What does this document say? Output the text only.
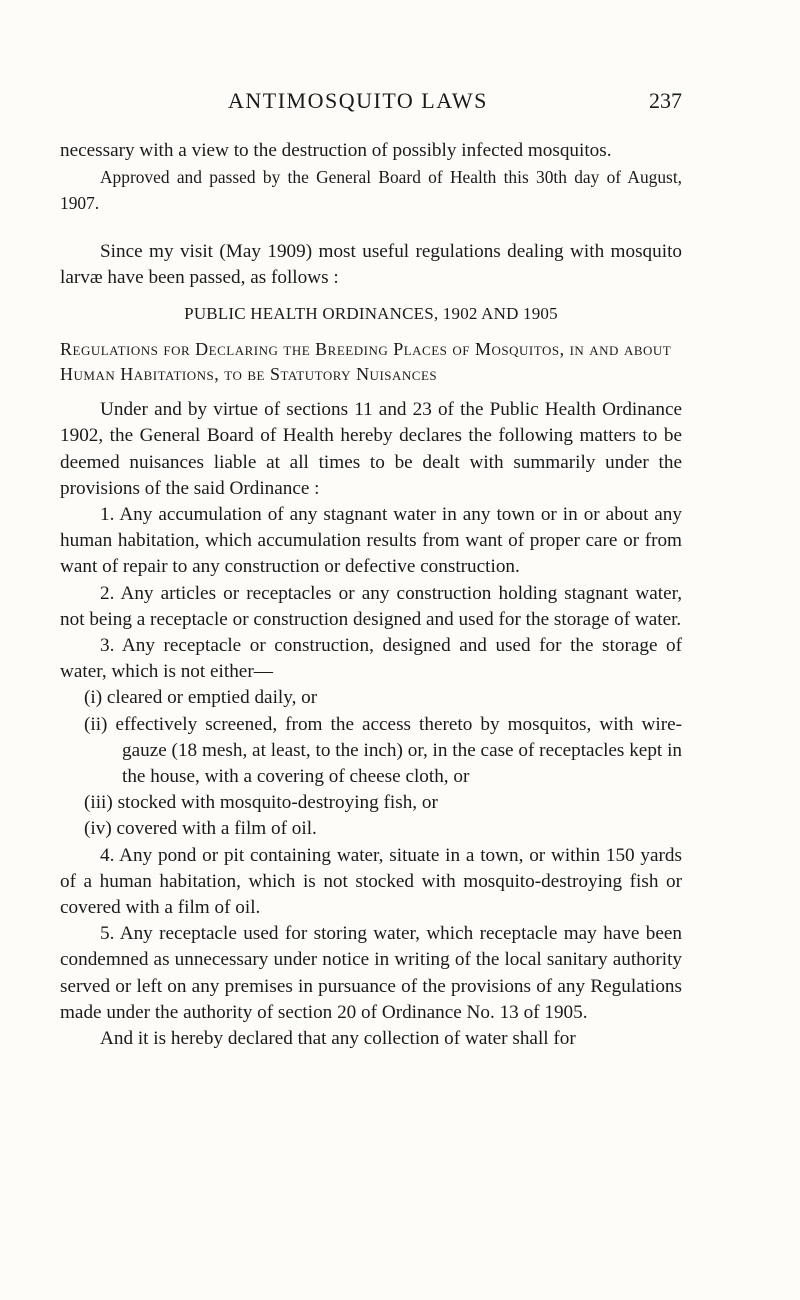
ANTIMOSQUITO LAWS	237

necessary with a view to the destruction of possibly infected mosquitos.

Approved and passed by the General Board of Health this 30th day of August, 1907.

Since my visit (May 1909) most useful regulations dealing with mosquito larvæ have been passed, as follows :

PUBLIC HEALTH ORDINANCES, 1902 AND 1905

Regulations for Declaring the Breeding Places of Mosquitos, in and about Human Habitations, to be Statutory Nuisances

Under and by virtue of sections 11 and 23 of the Public Health Ordinance 1902, the General Board of Health hereby declares the following matters to be deemed nuisances liable at all times to be dealt with summarily under the provisions of the said Ordinance :

1. Any accumulation of any stagnant water in any town or in or about any human habitation, which accumulation results from want of proper care or from want of repair to any construction or defective construction.

2. Any articles or receptacles or any construction holding stagnant water, not being a receptacle or construction designed and used for the storage of water.

3. Any receptacle or construction, designed and used for the storage of water, which is not either—

(i) cleared or emptied daily, or

(ii) effectively screened, from the access thereto by mosquitos, with wire-gauze (18 mesh, at least, to the inch) or, in the case of receptacles kept in the house, with a covering of cheese cloth, or

(iii) stocked with mosquito-destroying fish, or

(iv) covered with a film of oil.

4. Any pond or pit containing water, situate in a town, or within 150 yards of a human habitation, which is not stocked with mosquito-destroying fish or covered with a film of oil.

5. Any receptacle used for storing water, which receptacle may have been condemned as unnecessary under notice in writing of the local sanitary authority served or left on any premises in pursuance of the provisions of any Regulations made under the authority of section 20 of Ordinance No. 13 of 1905.

And it is hereby declared that any collection of water shall for
